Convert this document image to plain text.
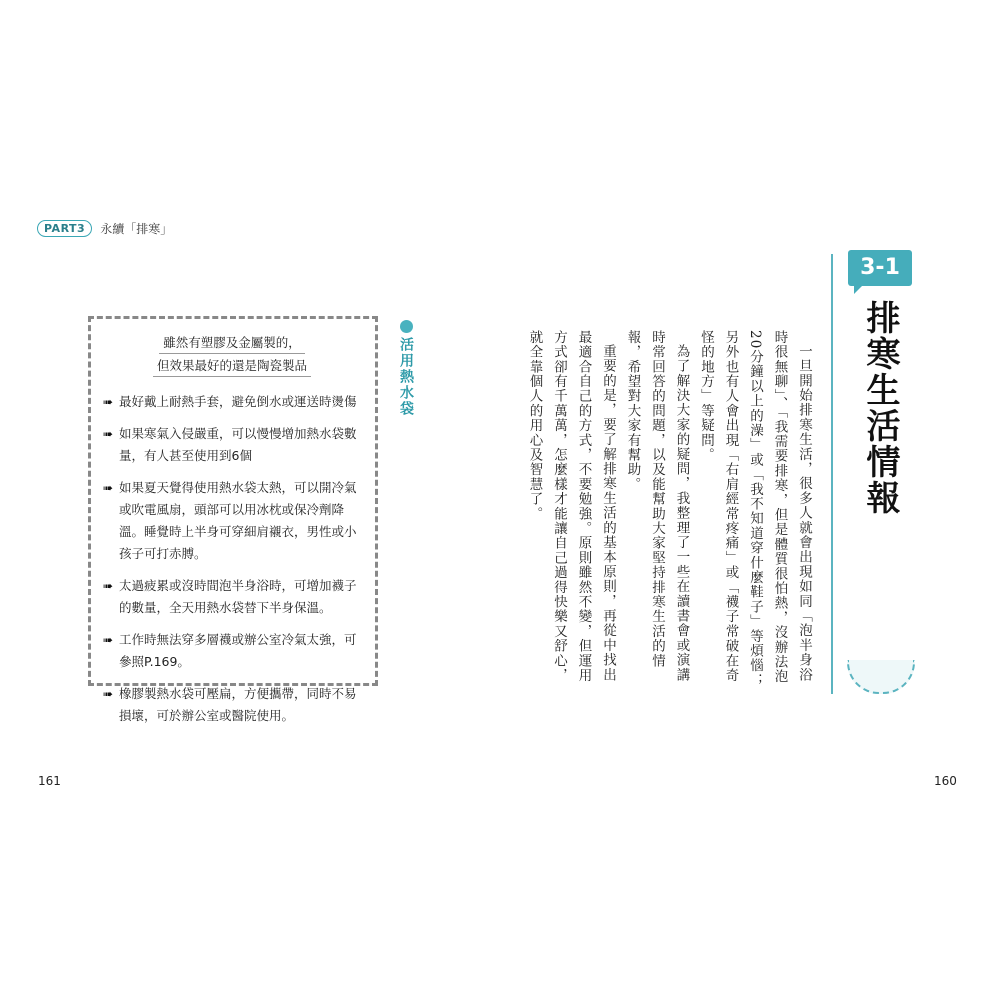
PART3	永續「排寒」
雖然有塑膠及金屬製的，
但效果最好的還是陶瓷製品
➠ 最好戴上耐熱手套，避免倒水或運送時燙傷
➠ 如果寒氣入侵嚴重，可以慢慢增加熱水袋數量，有人甚至使用到6個
➠ 如果夏天覺得使用熱水袋太熱，可以開冷氣或吹電風扇，頭部可以用冰枕或保冷劑降溫。睡覺時上半身可穿細肩襯衣，男性或小孩子可打赤膊。
➠ 太過疲累或沒時間泡半身浴時，可增加襪子的數量，全天用熱水袋替下半身保溫。
➠ 工作時無法穿多層襪或辦公室冷氣太強，可參照P.169。
➠ 橡膠製熱水袋可壓扁，方便攜帶，同時不易損壞，可於辦公室或醫院使用。
活用熱水袋
161
3-1
排寒生活情報

一旦開始排寒生活，很多人就會出現如同「泡半身浴時很無聊」、「我需要排寒，但是體質很怕熱，沒辦法泡20分鐘以上的澡」或「我不知道穿什麼鞋子」等煩惱；另外也有人會出現「右肩經常疼痛」或「襪子常破在奇怪的地方」等疑問。

為了解決大家的疑問，我整理了一些在讀書會或演講時常回答的問題，以及能幫助大家堅持排寒生活的情報，希望對大家有幫助。

重要的是，要了解排寒生活的基本原則，再從中找出最適合自己的方式，不要勉強。原則雖然不變，但運用方式卻有千萬萬，怎麼樣才能讓自己過得快樂又舒心，就全靠個人的用心及智慧了。

160
